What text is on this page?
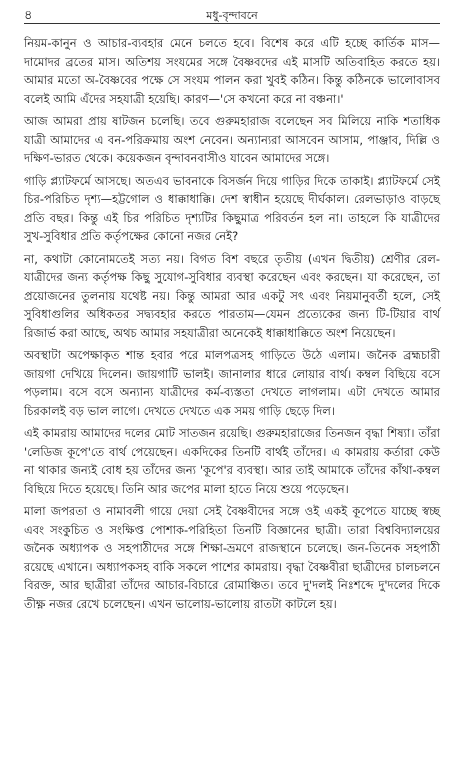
৪	মধু-বৃন্দাবনে

নিয়ম-কানুন ও আচার-ব্যবহার মেনে চলতে হবে। বিশেষ করে এটি হচ্ছে কার্তিক মাস—দামোদর ব্রতের মাস। অতিশয় সংযমের সঙ্গে বৈষ্ণবদের এই মাসটি অতিবাহিত করতে হয়। আমার মতো অ-বৈষ্ণবের পক্ষে সে সংযম পালন করা খুবই কঠিন। কিন্তু কঠিনকে ভালোবাসব বলেই আমি এঁদের সহযাত্রী হয়েছি। কারণ—'সে কখনো করে না বঞ্চনা।'

আজ আমরা প্রায় ষাটজন চলেছি। তবে গুরুমহারাজ বলেছেন সব মিলিয়ে নাকি শতাধিক যাত্রী আমাদের এ বন-পরিক্রমায় অংশ নেবেন। অন্যান্যরা আসবেন আসাম, পাঞ্জাব, দিল্লি ও দক্ষিণ-ভারত থেকে। কয়েকজন বৃন্দাবনবাসীও যাবেন আমাদের সঙ্গে।

গাড়ি প্ল্যাটফর্মে আসছে। অতএব ভাবনাকে বিসর্জন দিয়ে গাড়ির দিকে তাকাই। প্ল্যাটফর্মে সেই চির-পরিচিত দৃশ্য—হট্টগোল ও ধাক্কাধাক্কি। দেশ স্বাধীন হয়েছে দীর্ঘকাল। রেলভাড়াও বাড়ছে প্রতি বছর। কিন্তু এই চির পরিচিত দৃশ্যটির কিছুমাত্র পরিবর্তন হল না। তাহলে কি যাত্রীদের সুখ-সুবিধার প্রতি কর্তৃপক্ষের কোনো নজর নেই?

না, কথাটা কোনোমতেই সত্য নয়। বিগত বিশ বছরে তৃতীয় (এখন দ্বিতীয়) শ্রেণীর রেল-যাত্রীদের জন্য কর্তৃপক্ষ কিছু সুযোগ-সুবিধার ব্যবস্থা করেছেন এবং করছেন। যা করেছেন, তা প্রয়োজনের তুলনায় যথেষ্ট নয়। কিন্তু আমরা আর একটু সৎ এবং নিয়মানুবর্তী হলে, সেই সুবিধাগুলির অধিকতর সদ্ব্যবহার করতে পারতাম—যেমন প্রত্যেকের জন্য টি-টিয়ার বার্থ রিজার্ভ করা আছে, অথচ আমার সহযাত্রীরা অনেকেই ধাক্কাধাক্কিতে অংশ নিয়েছেন।

অবস্থাটা অপেক্ষাকৃত শান্ত হবার পরে মালপত্রসহ গাড়িতে উঠে এলাম। জনৈক ব্রহ্মচারী জায়গা দেখিয়ে দিলেন। জায়গাটি ভালই। জানালার ধারে লোয়ার বার্থ। কম্বল বিছিয়ে বসে পড়লাম। বসে বসে অন্যান্য যাত্রীদের কর্ম-ব্যস্ততা দেখতে লাগলাম। এটা দেখতে আমার চিরকালই বড় ভাল লাগে। দেখতে দেখতে এক সময় গাড়ি ছেড়ে দিল।

এই কামরায় আমাদের দলের মোট সাতজন রয়েছি। গুরুমহারাজের তিনজন বৃদ্ধা শিষ্যা। তাঁরা 'লেডিজ কূপে'তে বার্থ পেয়েছেন। একদিকের তিনটি বার্থই তাঁদের। এ কামরায় কর্তারা কেউ না থাকার জন্যই বোধ হয় তাঁদের জন্য 'কূপে'র ব্যবস্থা। আর তাই আমাকে তাঁদের কাঁথা-কম্বল বিছিয়ে দিতে হয়েছে। তিনি আর জপের মালা হাতে নিয়ে শুয়ে পড়েছেন।

মালা জপরতা ও নামাবলী গায়ে দেয়া সেই বৈষ্ণবীদের সঙ্গে ওই একই কূপেতে যাচ্ছে স্বচ্ছ এবং সংকুচিত ও সংক্ষিপ্ত পোশাক-পরিহিতা তিনটি বিজ্ঞানের ছাত্রী। তারা বিশ্ববিদ্যালয়ের জনৈক অধ্যাপক ও সহপাঠীদের সঙ্গে শিক্ষা-ভ্রমণে রাজস্থানে চলেছে। জন-তিনেক সহপাঠী রয়েছে এখানে। অধ্যাপকসহ বাকি সকলে পাশের কামরায়। বৃদ্ধা বৈষ্ণবীরা ছাত্রীদের চালচলনে বিরক্ত, আর ছাত্রীরা তাঁদের আচার-বিচারে রোমাঞ্চিত। তবে দু'দলই নিঃশব্দে দু'দলের দিকে তীক্ষ্ণ নজর রেখে চলেছেন। এখন ভালোয়-ভালোয় রাতটা কাটলে হয়।
